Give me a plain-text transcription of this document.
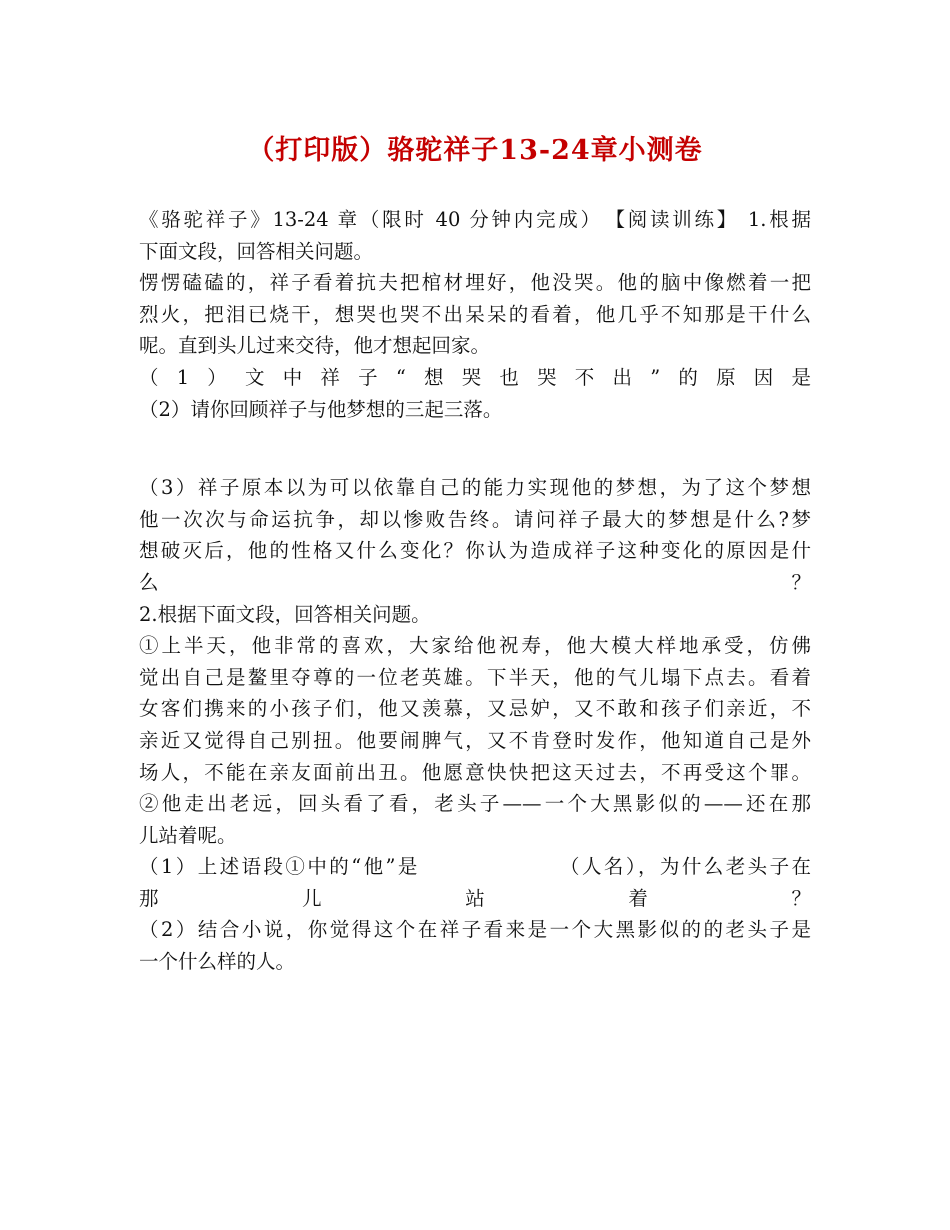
（打印版）骆驼祥子13-24章小测卷
《骆驼祥子》13-24 章（限时 40 分钟内完成）　【阅读训练】 1.根据
下面文段，回答相关问题。
愣愣磕磕的，祥子看着抗夫把棺材埋好，他没哭。他的脑中像燃着一把
烈火，把泪已烧干，想哭也哭不出呆呆的看着，他几乎不知那是干什么
呢。直到头儿过来交待，他才想起回家。
（1）文中祥子“想哭也哭不出”的原因是
（2）请你回顾祥子与他梦想的三起三落。
（3）祥子原本以为可以依靠自己的能力实现他的梦想，为了这个梦想
他一次次与命运抗争，却以惨败告终。请问祥子最大的梦想是什么?梦
想破灭后，他的性格又什么变化？你认为造成祥子这种变化的原因是什
么　　　　　　　　　　　　　　　　　　　　　　　　　　　　　？
2.根据下面文段，回答相关问题。
①上半天，他非常的喜欢，大家给他祝寿，他大模大样地承受，仿佛
觉出自己是鳌里夺尊的一位老英雄。下半天，他的气儿塌下点去。看着
女客们携来的小孩子们，他又羡慕，又忌妒，又不敢和孩子们亲近，不
亲近又觉得自己别扭。他要闹脾气，又不肯登时发作，他知道自己是外
场人，不能在亲友面前出丑。他愿意快快把这天过去，不再受这个罪。
②他走出老远，回头看了看，老头子——一个大黑影似的——还在那
儿站着呢。
（1）上述语段①中的“他”是　　　　　　 （人名），为什么老头子在
那　　　　　　儿　　　　　　站　　　　　　着　　　　　　？
（2）结合小说，你觉得这个在祥子看来是一个大黑影似的的老头子是
一个什么样的人。
